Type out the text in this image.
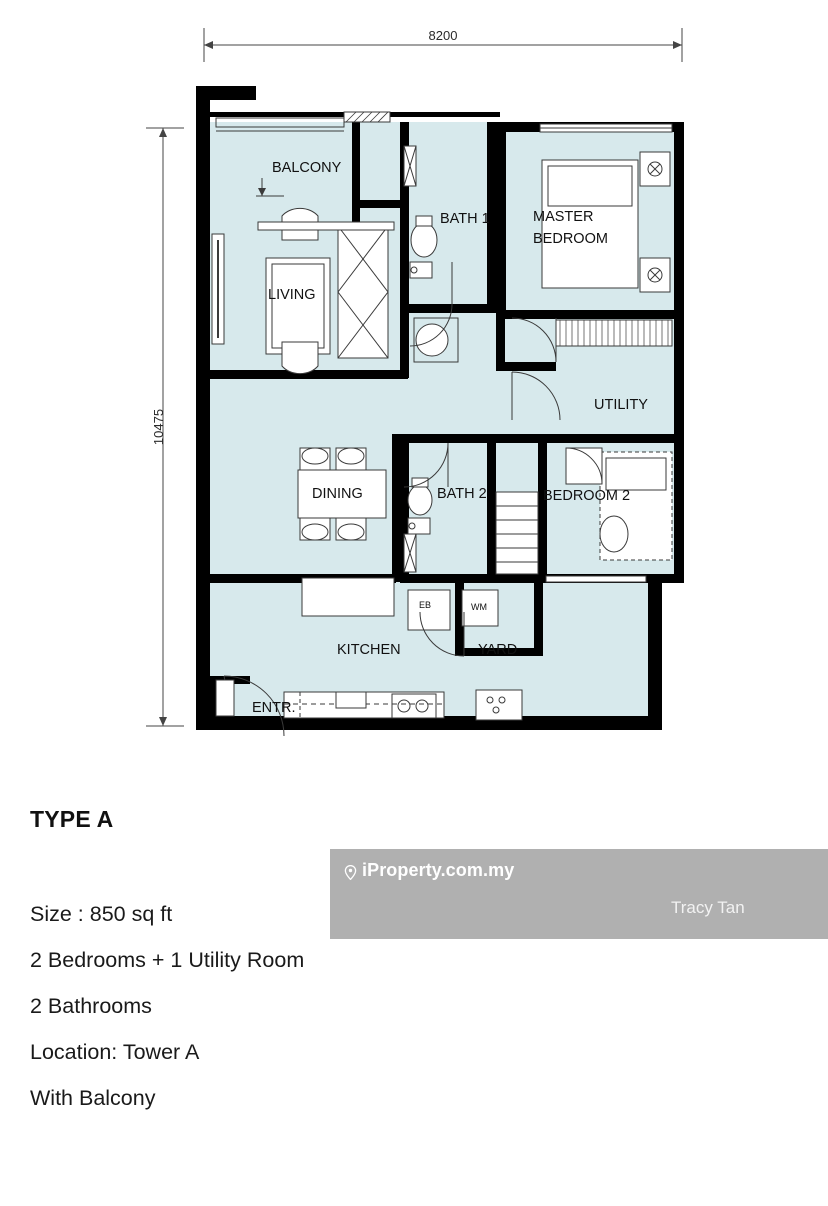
8200
10475
BALCONY
LIVING
BATH 1	MASTER
BEDROOM
UTILITY
DINING	BATH 2	BEDROOM 2
KITCHEN	YARD
ENTR.
EB	WM
TYPE A
Size : 850 sq ft
2 Bedrooms + 1 Utility Room
2 Bathrooms
Location: Tower A
With Balcony
iProperty.com.my
Tracy Tan
